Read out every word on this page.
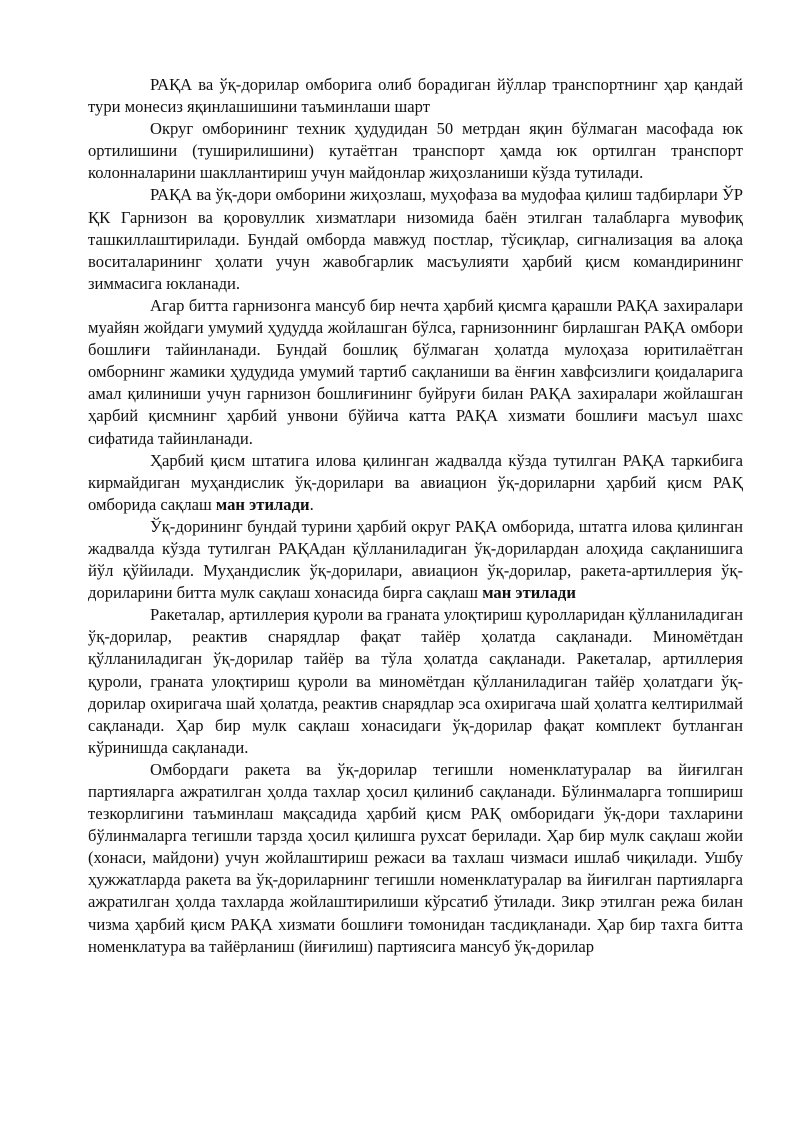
РАҚА ва ўқ-дорилар омборига олиб борадиган йўллар транспортнинг ҳар қандай тури монесиз яқинлашишини таъминлаши шарт

Округ омборининг техник ҳудудидан 50 метрдан яқин бўлмаган масофада юк ортилишини (туширилишини) кутаётган транспорт ҳамда юк ортилган транспорт колонналарини шакллантириш учун майдонлар жиҳозланиши кўзда тутилади.

РАҚА ва ўқ-дори омборини жиҳозлаш, муҳофаза ва мудофаа қилиш тадбирлари ЎР ҚК Гарнизон ва қоровуллик хизматлари низомида баён этилган талабларга мувофиқ ташкиллаштирилади. Бундай омборда мавжуд постлар, тўсиқлар, сигнализация ва алоқа воситаларининг ҳолати учун жавобгарлик масъулияти ҳарбий қисм командирининг зиммасига юкланади.

Агар битта гарнизонга мансуб бир нечта ҳарбий қисмга қарашли РАҚА захиралари муайян жойдаги умумий ҳудудда жойлашган бўлса, гарнизоннинг бирлашган РАҚА омбори бошлиғи тайинланади. Бундай бошлиқ бўлмаган ҳолатда мулоҳаза юритилаётган омборнинг жамики ҳудудида умумий тартиб сақланиши ва ёнғин хавфсизлиги қоидаларига амал қилиниши учун гарнизон бошлиғининг буйруғи билан РАҚА захиралари жойлашган ҳарбий қисмнинг ҳарбий унвони бўйича катта РАҚА хизмати бошлиғи масъул шахс сифатида тайинланади.

Ҳарбий қисм штатига илова қилинган жадвалда кўзда тутилган РАҚА таркибига кирмайдиган муҳандислик ўқ-дорилари ва авиацион ўқ-дориларни ҳарбий қисм РАҚ омборида сақлаш ман этилади.

Ўқ-дорининг бундай турини ҳарбий округ РАҚА омборида, штатга илова қилинган жадвалда кўзда тутилган РАҚАдан қўлланиладиган ўқ-дорилардан алоҳида сақланишига йўл қўйилади. Муҳандислик ўқ-дорилари, авиацион ўқ-дорилар, ракета-артиллерия ўқ-дориларини битта мулк сақлаш хонасида бирга сақлаш ман этилади

Ракеталар, артиллерия қуроли ва граната улоқтириш қуролларидан қўлланиладиган ўқ-дорилар, реактив снарядлар фақат тайёр ҳолатда сақланади. Миномётдан қўлланиладиган ўқ-дорилар тайёр ва тўла ҳолатда сақланади. Ракеталар, артиллерия қуроли, граната улоқтириш қуроли ва миномётдан қўлланиладиган тайёр ҳолатдаги ўқ-дорилар охиригача шай ҳолатда, реактив снарядлар эса охиригача шай ҳолатга келтирилмай сақланади. Ҳар бир мулк сақлаш хонасидаги ўқ-дорилар фақат комплект бутланган кўринишда сақланади.

Омбордаги ракета ва ўқ-дорилар тегишли номенклатуралар ва йиғилган партияларга ажратилган ҳолда тахлар ҳосил қилиниб сақланади. Бўлинмаларга топшириш тезкорлигини таъминлаш мақсадида ҳарбий қисм РАҚ омборидаги ўқ-дори тахларини бўлинмаларга тегишли тарзда ҳосил қилишга рухсат берилади. Ҳар бир мулк сақлаш жойи (хонаси, майдони) учун жойлаштириш режаси ва тахлаш чизмаси ишлаб чиқилади. Ушбу ҳужжатларда ракета ва ўқ-дориларнинг тегишли номенклатуралар ва йиғилган партияларга ажратилган ҳолда тахларда жойлаштирилиши кўрсатиб ўтилади. Зикр этилган режа билан чизма ҳарбий қисм РАҚА хизмати бошлиғи томонидан тасдиқланади. Ҳар бир тахга битта номенклатура ва тайёрланиш (йиғилиш) партиясига мансуб ўқ-дорилар
